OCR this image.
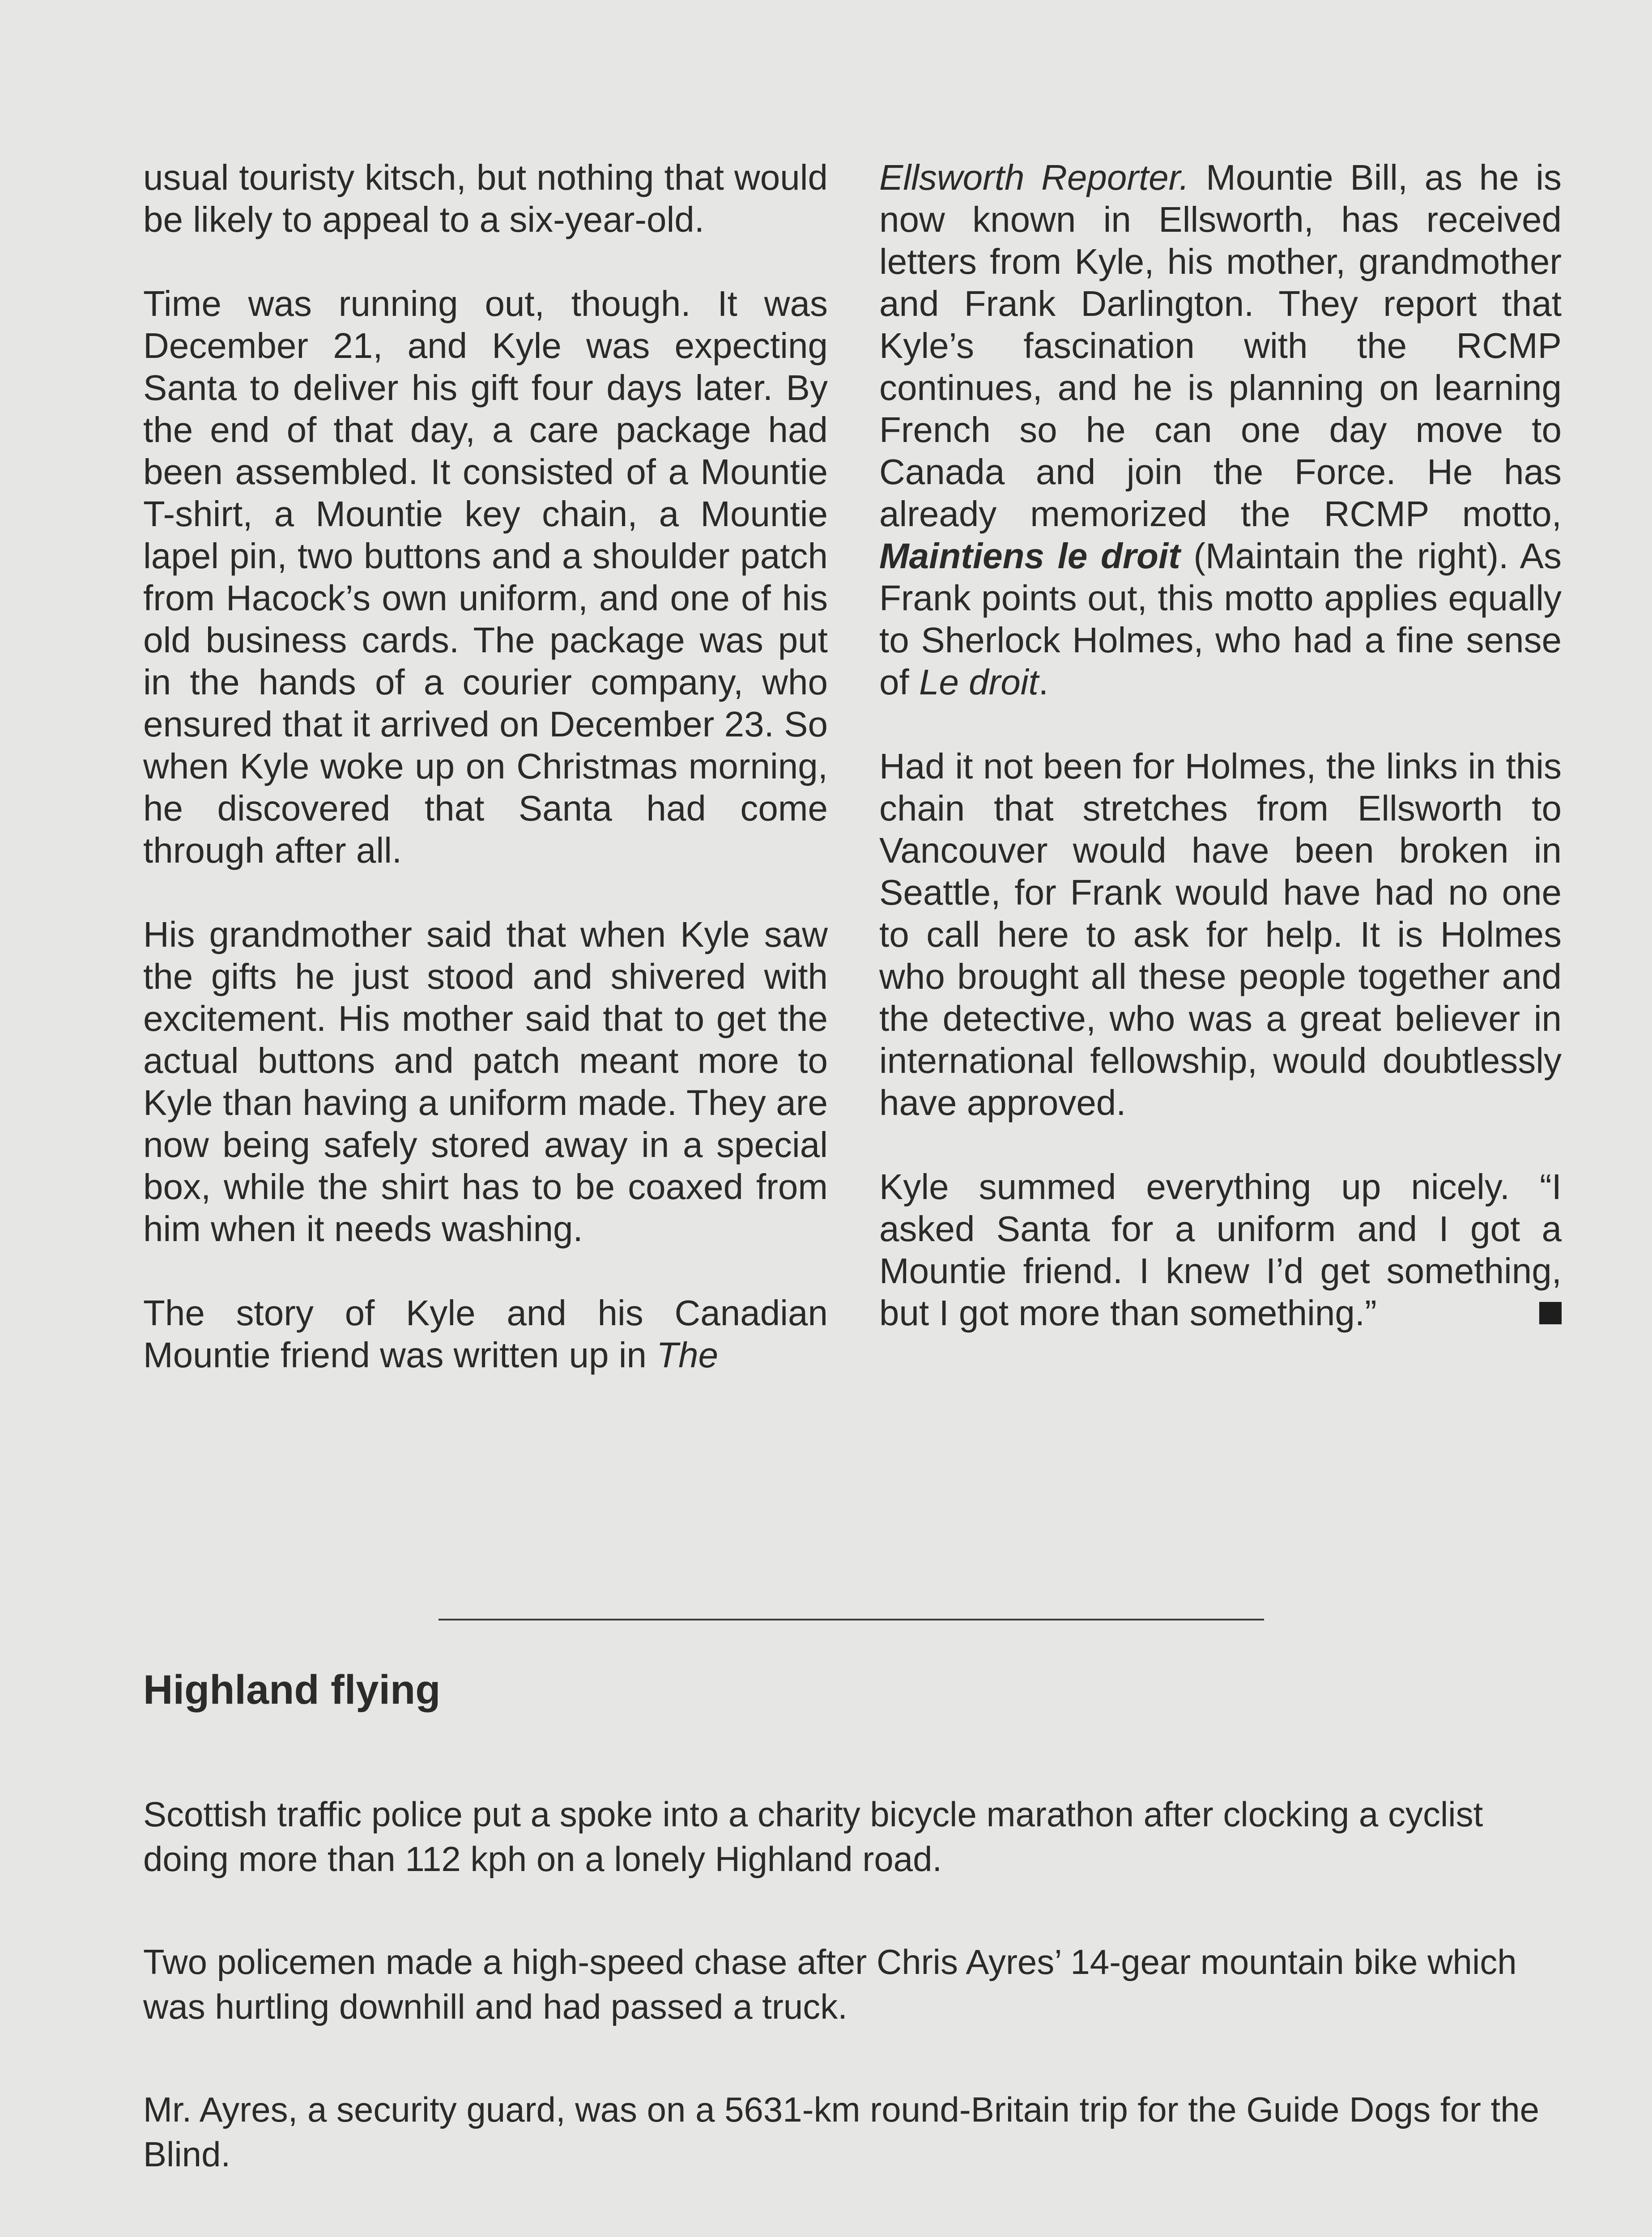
usual touristy kitsch, but nothing that would be likely to appeal to a six-year-old.

Time was running out, though. It was December 21, and Kyle was expecting Santa to deliver his gift four days later. By the end of that day, a care package had been assembled. It consisted of a Mountie T-shirt, a Mountie key chain, a Mountie lapel pin, two buttons and a shoulder patch from Hacock’s own uniform, and one of his old business cards. The package was put in the hands of a courier company, who ensured that it arrived on December 23. So when Kyle woke up on Christmas morning, he discovered that Santa had come through after all.

His grandmother said that when Kyle saw the gifts he just stood and shivered with excitement. His mother said that to get the actual buttons and patch meant more to Kyle than having a uniform made. They are now being safely stored away in a special box, while the shirt has to be coaxed from him when it needs washing.

The story of Kyle and his Canadian Mountie friend was written up in The

Ellsworth Reporter. Mountie Bill, as he is now known in Ellsworth, has received letters from Kyle, his mother, grandmother and Frank Darlington. They report that Kyle’s fascination with the RCMP continues, and he is planning on learning French so he can one day move to Canada and join the Force. He has already memorized the RCMP motto, Maintiens le droit (Maintain the right). As Frank points out, this motto applies equally to Sherlock Holmes, who had a fine sense of Le droit.

Had it not been for Holmes, the links in this chain that stretches from Ellsworth to Vancouver would have been broken in Seattle, for Frank would have had no one to call here to ask for help. It is Holmes who brought all these people together and the detective, who was a great believer in international fellowship, would doubtlessly have approved.

Kyle summed everything up nicely. “I asked Santa for a uniform and I got a Mountie friend. I knew I’d get something, but I got more than something.”

Highland flying

Scottish traffic police put a spoke into a charity bicycle marathon after clocking a cyclist doing more than 112 kph on a lonely Highland road.

Two policemen made a high-speed chase after Chris Ayres’ 14-gear mountain bike which was hurtling downhill and had passed a truck.

Mr. Ayres, a security guard, was on a 5631-km round-Britain trip for the Guide Dogs for the Blind.
